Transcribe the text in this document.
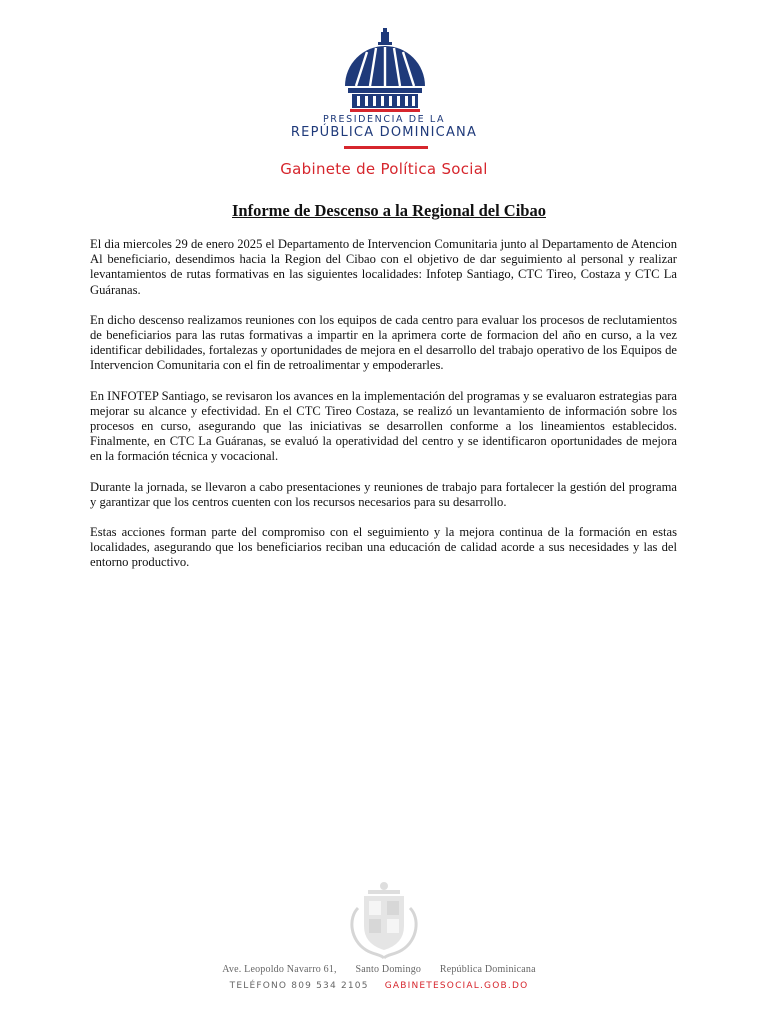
PRESIDENCIA DE LA
REPÚBLICA DOMINICANA
Gabinete de Política Social
Informe de Descenso a la Regional del Cibao

El dia miercoles 29 de enero 2025 el Departamento de Intervencion Comunitaria junto al Departamento de Atencion Al beneficiario, desendimos hacia la Region del Cibao con el objetivo de dar seguimiento al personal y realizar levantamientos de rutas formativas en las siguientes localidades: Infotep Santiago, CTC Tireo, Costaza y CTC La Guáranas.

En dicho descenso realizamos reuniones con los equipos de cada centro para evaluar los procesos de reclutamientos de beneficiarios para las rutas formativas a impartir en la aprimera corte de formacion del año en curso, a la vez identificar debilidades, fortalezas y oportunidades de mejora en el desarrollo del trabajo operativo de los Equipos de Intervencion Comunitaria con el fin de retroalimentar y empoderarles.

En INFOTEP Santiago, se revisaron los avances en la implementación del programas y se evaluaron estrategias para mejorar su alcance y efectividad. En el CTC Tireo Costaza, se realizó un levantamiento de información sobre los procesos en curso, asegurando que las iniciativas se desarrollen conforme a los lineamientos establecidos. Finalmente, en CTC La Guáranas, se evaluó la operatividad del centro y se identificaron oportunidades de mejora en la formación técnica y vocacional.

Durante la jornada, se llevaron a cabo presentaciones y reuniones de trabajo para fortalecer la gestión del programa y garantizar que los centros cuenten con los recursos necesarios para su desarrollo.

Estas acciones forman parte del compromiso con el seguimiento y la mejora continua de la formación en estas localidades, asegurando que los beneficiarios reciban una educación de calidad acorde a sus necesidades y las del entorno productivo.

Ave. Leopoldo Navarro 61, Santo Domingo República Dominicana
TELÉFONO 809 534 2105 GABINETESOCIAL.GOB.DO
